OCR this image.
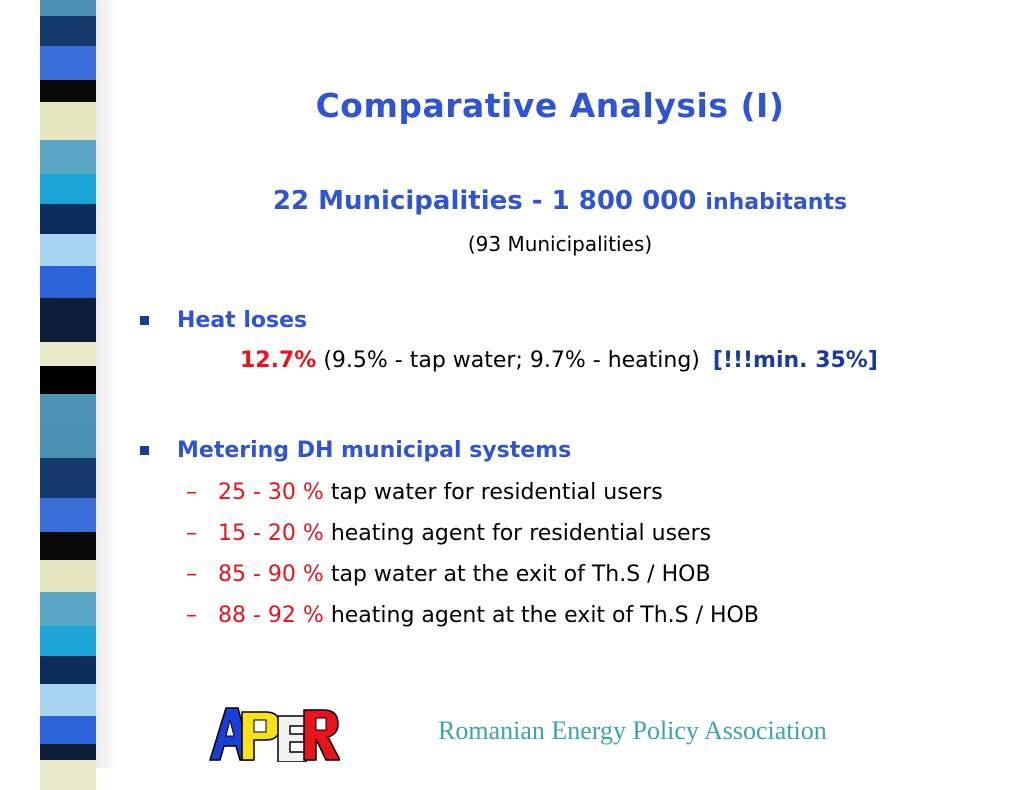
Comparative Analysis (I)
22 Municipalities - 1 800 000 inhabitants
(93 Municipalities)
Heat loses
12.7% (9.5% - tap water; 9.7% - heating) [!!!min. 35%]
Metering DH municipal systems
– 25 - 30 % tap water for residential users
– 15 - 20 % heating agent for residential users
– 85 - 90 % tap water at the exit of Th.S / HOB
– 88 - 92 % heating agent at the exit of Th.S / HOB
Romanian Energy Policy Association
